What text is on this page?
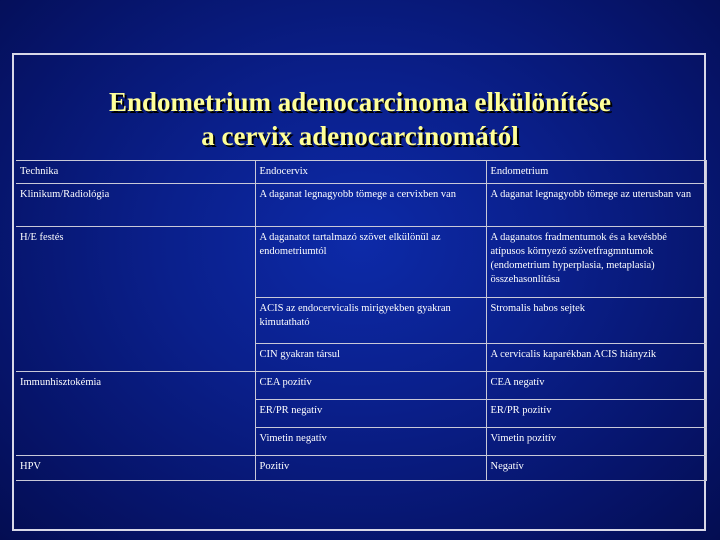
Endometrium adenocarcinoma elkülönítése
a cervix adenocarcinomától
Technika	Endocervix	Endometrium
Klinikum/Radiológia	A daganat legnagyobb tömege a cervixben van	A daganat legnagyobb tömege az uterusban van
H/E festés	A daganatot tartalmazó szövet elkülönül az endometriumtól	A daganatos fradmentumok és a kevésbbé atípusos környező szövetfragmntumok (endometrium hyperplasia, metaplasia) összehasonlítása
	ACIS az endocervicalis mirigyekben gyakran kimutatható	Stromalis habos sejtek
	CIN gyakran társul	A cervicalis kaparékban ACIS hiányzik
Immunhisztokémia	CEA pozitív	CEA negatív
	ER/PR negatív	ER/PR pozitív
	Vimetin negatív	Vimetin pozitív
HPV	Pozitív	Negatív
